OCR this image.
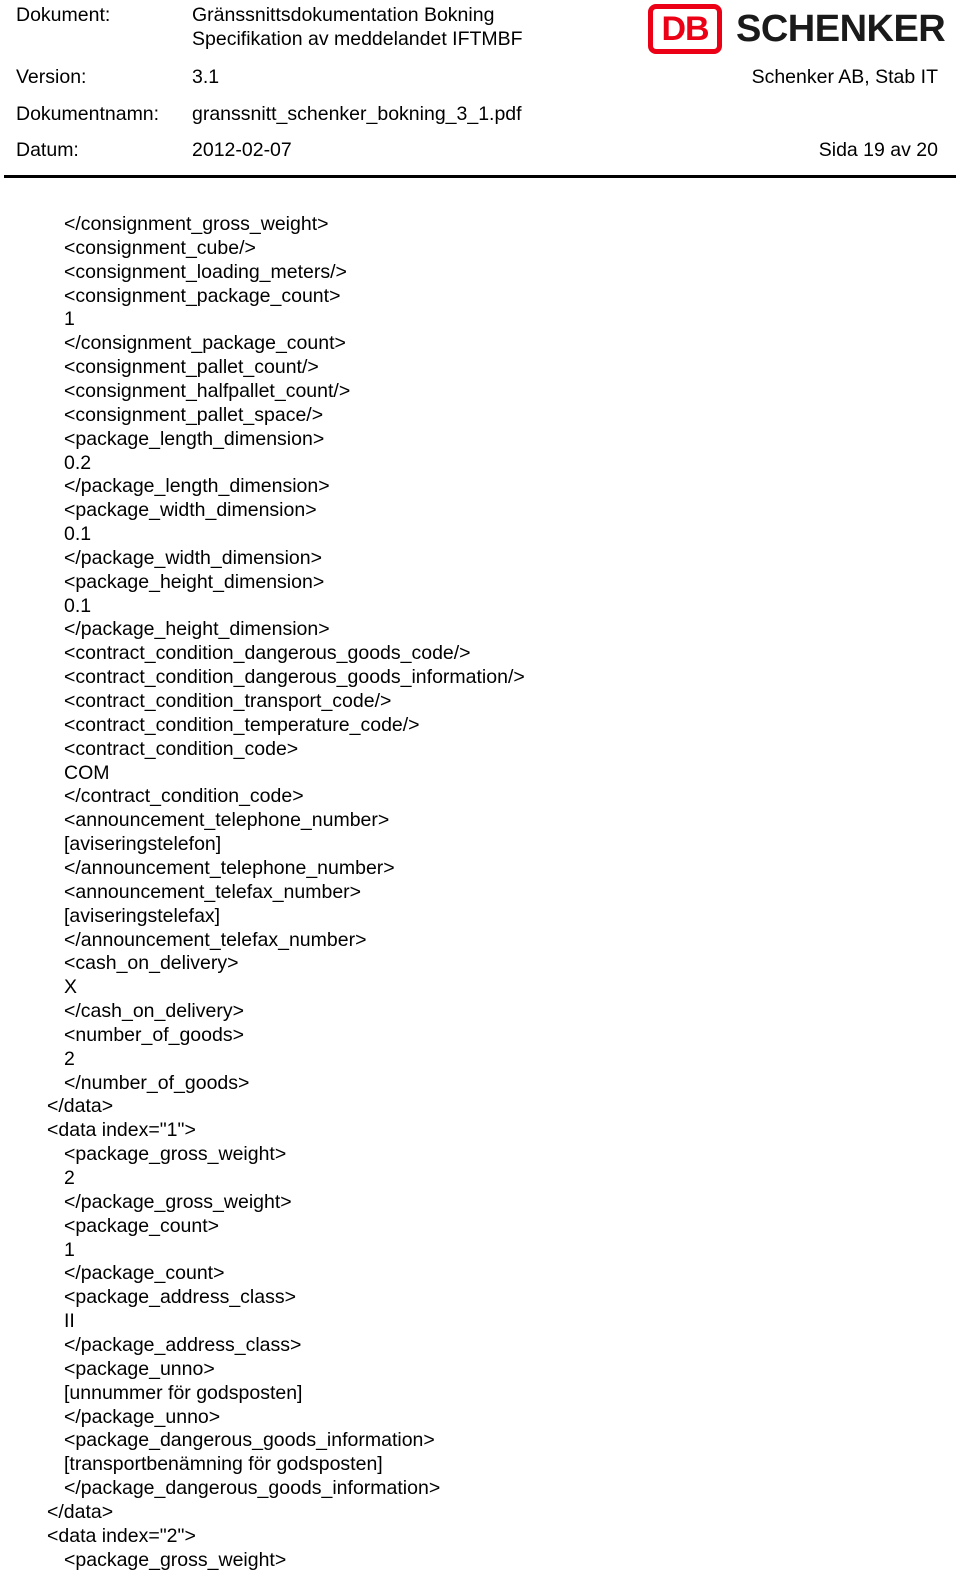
Dokument:	Gränssnittsdokumentation Bokning
Specifikation av meddelandet IFTMBF	DB SCHENKER
Version:	3.1	Schenker AB, Stab IT
Dokumentnamn: granssnitt_schenker_bokning_3_1.pdf
Datum:	2012-02-07	Sida 19 av 20
</consignment_gross_weight>
<consignment_cube/>
<consignment_loading_meters/>
<consignment_package_count>
1
</consignment_package_count>
<consignment_pallet_count/>
<consignment_halfpallet_count/>
<consignment_pallet_space/>
<package_length_dimension>
0.2
</package_length_dimension>
<package_width_dimension>
0.1
</package_width_dimension>
<package_height_dimension>
0.1
</package_height_dimension>
<contract_condition_dangerous_goods_code/>
<contract_condition_dangerous_goods_information/>
<contract_condition_transport_code/>
<contract_condition_temperature_code/>
<contract_condition_code>
COM
</contract_condition_code>
<announcement_telephone_number>
[aviseringstelefon]
</announcement_telephone_number>
<announcement_telefax_number>
[aviseringstelefax]
</announcement_telefax_number>
<cash_on_delivery>
X
</cash_on_delivery>
<number_of_goods>
2
</number_of_goods>
</data>
<data index="1">
<package_gross_weight>
2
</package_gross_weight>
<package_count>
1
</package_count>
<package_address_class>
II
</package_address_class>
<package_unno>
[unnummer för godsposten]
</package_unno>
<package_dangerous_goods_information>
[transportbenämning för godsposten]
</package_dangerous_goods_information>
</data>
<data index="2">
<package_gross_weight>
